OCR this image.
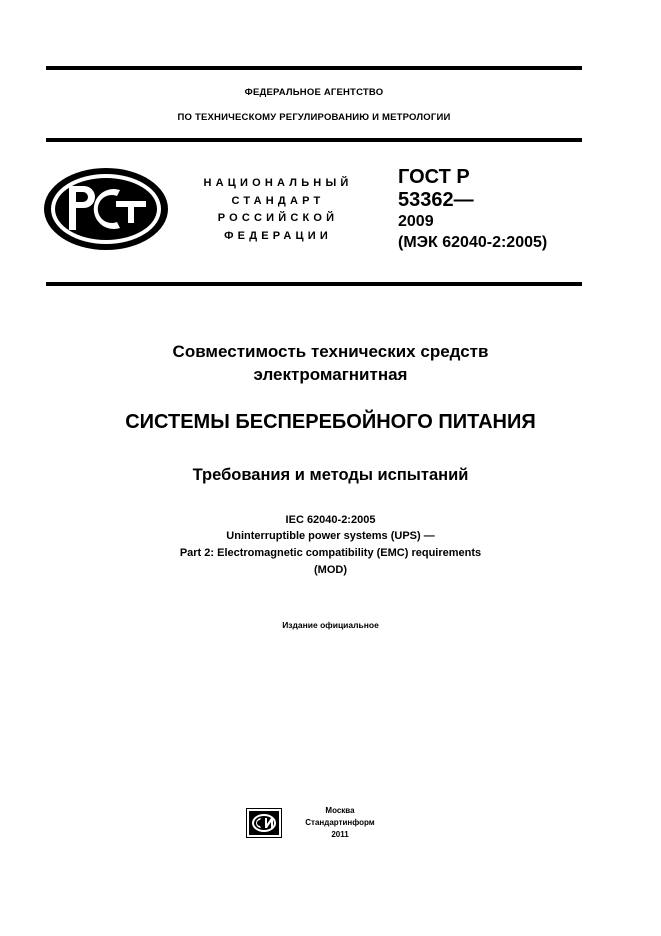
ФЕДЕРАЛЬНОЕ АГЕНТСТВО
ПО ТЕХНИЧЕСКОМУ РЕГУЛИРОВАНИЮ И МЕТРОЛОГИИ
НАЦИОНАЛЬНЫЙ
СТАНДАРТ
РОССИЙСКОЙ
ФЕДЕРАЦИИ
ГОСТ Р
53362—
2009
(МЭК 62040-2:2005)
Совместимость технических средств
электромагнитная
СИСТЕМЫ БЕСПЕРЕБОЙНОГО ПИТАНИЯ
Требования и методы испытаний
IEC 62040-2:2005
Uninterruptible power systems (UPS) —
Part 2: Electromagnetic compatibility (EMC) requirements
(MOD)
Издание официальное
Москва
Стандартинформ
2011
